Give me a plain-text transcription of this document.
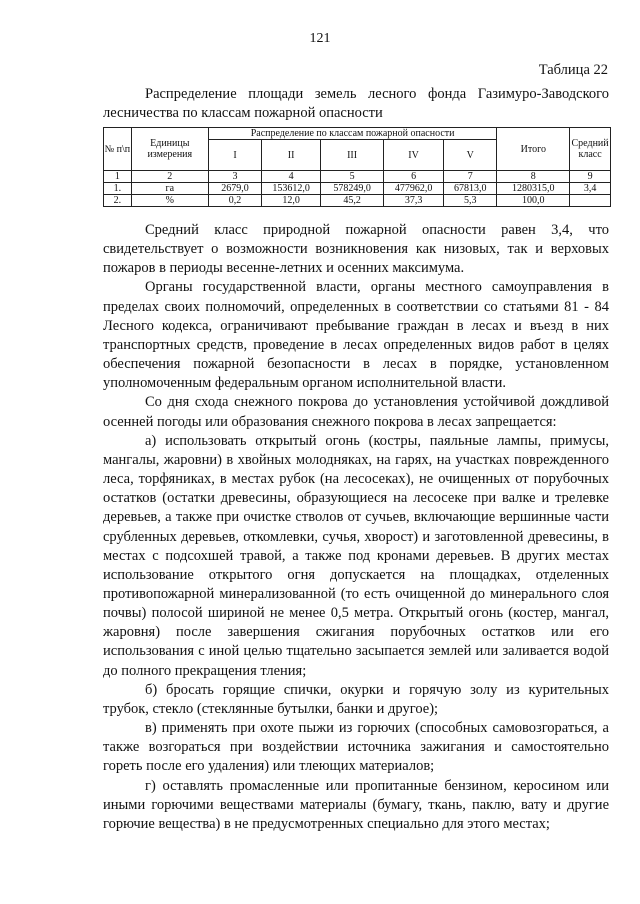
121
Таблица 22
Распределение площади земель лесного фонда Газимуро-Заводского лесничества по классам пожарной опасности
№ п\п	Единицы измерения	Распределение по классам пожарной опасности					Итого	Средний класс
		I	II	III	IV	V		
1	2	3	4	5	6	7	8	9
1.	га	2679,0	153612,0	578249,0	477962,0	67813,0	1280315,0	3,4
2.	%	0,2	12,0	45,2	37,3	5,3	100,0	

Средний класс природной пожарной опасности равен 3,4, что свидетельствует о возможности возникновения как низовых, так и верховых пожаров в периоды весенне-летних и осенних максимума.

Органы государственной власти, органы местного самоуправления в пределах своих полномочий, определенных в соответствии со статьями 81 - 84 Лесного кодекса, ограничивают пребывание граждан в лесах и въезд в них транспортных средств, проведение в лесах определенных видов работ в целях обеспечения пожарной безопасности в лесах в порядке, установленном уполномоченным федеральным органом исполнительной власти.

Со дня схода снежного покрова до установления устойчивой дождливой осенней погоды или образования снежного покрова в лесах запрещается:

а) использовать открытый огонь (костры, паяльные лампы, примусы, мангалы, жаровни) в хвойных молодняках, на гарях, на участках поврежденного леса, торфяниках, в местах рубок (на лесосеках), не очищенных от порубочных остатков (остатки древесины, образующиеся на лесосеке при валке и трелевке деревьев, а также при очистке стволов от сучьев, включающие вершинные части срубленных деревьев, откомлевки, сучья, хворост) и заготовленной древесины, в местах с подсохшей травой, а также под кронами деревьев. В других местах использование открытого огня допускается на площадках, отделенных противопожарной минерализованной (то есть очищенной до минерального слоя почвы) полосой шириной не менее 0,5 метра. Открытый огонь (костер, мангал, жаровня) после завершения сжигания порубочных остатков или его использования с иной целью тщательно засыпается землей или заливается водой до полного прекращения тления;

б) бросать горящие спички, окурки и горячую золу из курительных трубок, стекло (стеклянные бутылки, банки и другое);

в) применять при охоте пыжи из горючих (способных самовозгораться, а также возгораться при воздействии источника зажигания и самостоятельно гореть после его удаления) или тлеющих материалов;

г) оставлять промасленные или пропитанные бензином, керосином или иными горючими веществами материалы (бумагу, ткань, паклю, вату и другие горючие вещества) в не предусмотренных специально для этого местах;
